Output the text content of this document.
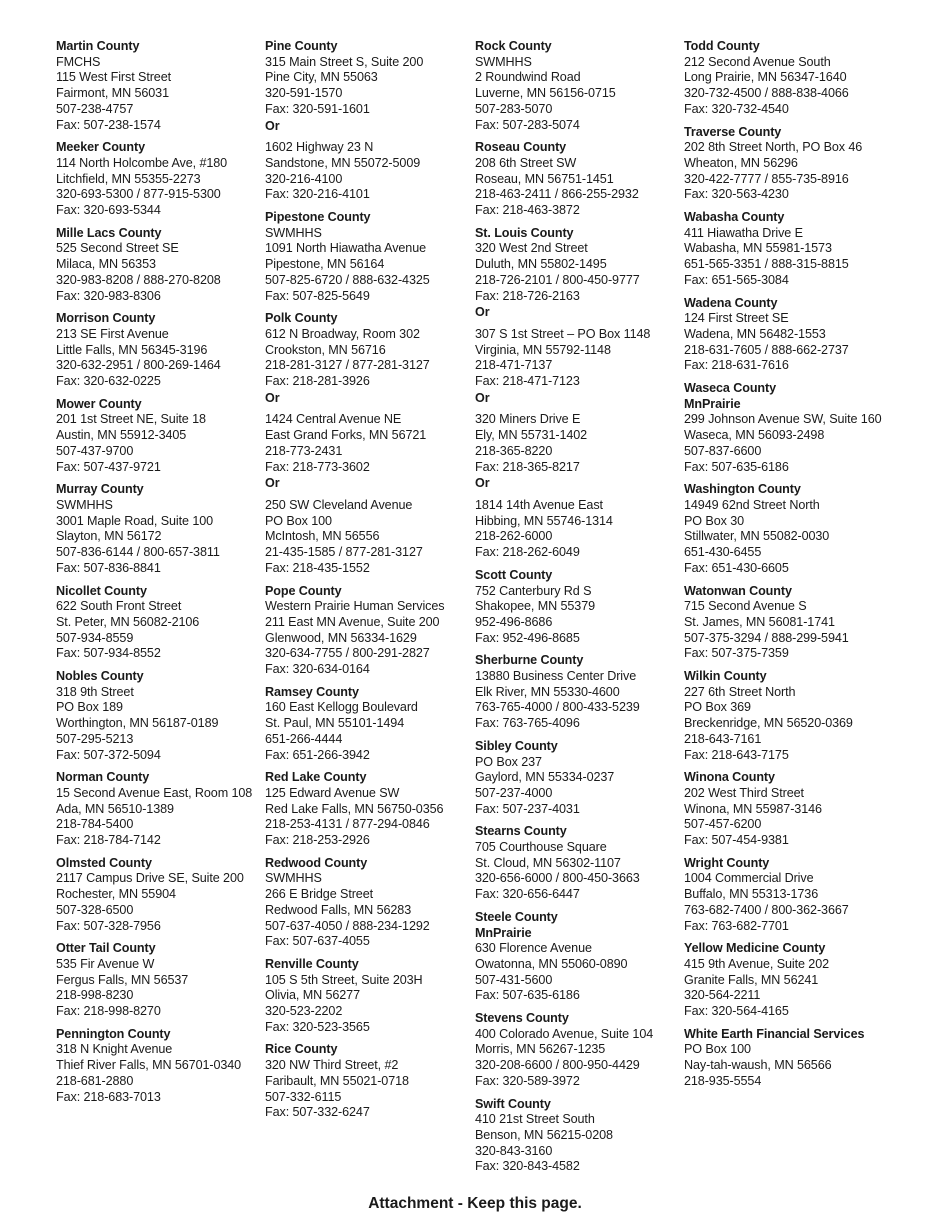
Martin County
FMCHS
115 West First Street
Fairmont, MN 56031
507-238-4757
Fax: 507-238-1574
Meeker County
114 North Holcombe Ave, #180
Litchfield, MN 55355-2273
320-693-5300 / 877-915-5300
Fax: 320-693-5344
Mille Lacs County
525 Second Street SE
Milaca, MN 56353
320-983-8208 / 888-270-8208
Fax: 320-983-8306
Morrison County
213 SE First Avenue
Little Falls, MN 56345-3196
320-632-2951 / 800-269-1464
Fax: 320-632-0225
Mower County
201 1st Street NE, Suite 18
Austin, MN 55912-3405
507-437-9700
Fax: 507-437-9721
Murray County
SWMHHS
3001 Maple Road, Suite 100
Slayton, MN 56172
507-836-6144 / 800-657-3811
Fax: 507-836-8841
Nicollet County
622 South Front Street
St. Peter, MN 56082-2106
507-934-8559
Fax: 507-934-8552
Nobles County
318 9th Street
PO Box 189
Worthington, MN 56187-0189
507-295-5213
Fax: 507-372-5094
Norman County
15 Second Avenue East, Room 108
Ada, MN 56510-1389
218-784-5400
Fax: 218-784-7142
Olmsted County
2117 Campus Drive SE, Suite 200
Rochester, MN 55904
507-328-6500
Fax: 507-328-7956
Otter Tail County
535 Fir Avenue W
Fergus Falls, MN 56537
218-998-8230
Fax: 218-998-8270
Pennington County
318 N Knight Avenue
Thief River Falls, MN 56701-0340
218-681-2880
Fax: 218-683-7013
Pine County
315 Main Street S, Suite 200
Pine City, MN 55063
320-591-1570
Fax: 320-591-1601
Or
1602 Highway 23 N
Sandstone, MN 55072-5009
320-216-4100
Fax: 320-216-4101
Pipestone County
SWMHHS
1091 North Hiawatha Avenue
Pipestone, MN 56164
507-825-6720 / 888-632-4325
Fax: 507-825-5649
Polk County
612 N Broadway, Room 302
Crookston, MN 56716
218-281-3127 / 877-281-3127
Fax: 218-281-3926
Or
1424 Central Avenue NE
East Grand Forks, MN 56721
218-773-2431
Fax: 218-773-3602
Or
250 SW Cleveland Avenue
PO Box 100
McIntosh, MN 56556
21-435-1585 / 877-281-3127
Fax: 218-435-1552
Pope County
Western Prairie Human Services
211 East MN Avenue, Suite 200
Glenwood, MN 56334-1629
320-634-7755 / 800-291-2827
Fax: 320-634-0164
Ramsey County
160 East Kellogg Boulevard
St. Paul, MN 55101-1494
651-266-4444
Fax: 651-266-3942
Red Lake County
125 Edward Avenue SW
Red Lake Falls, MN 56750-0356
218-253-4131 / 877-294-0846
Fax: 218-253-2926
Redwood County
SWMHHS
266 E Bridge Street
Redwood Falls, MN 56283
507-637-4050 / 888-234-1292
Fax: 507-637-4055
Renville County
105 S 5th Street, Suite 203H
Olivia, MN 56277
320-523-2202
Fax: 320-523-3565
Rice County
320 NW Third Street, #2
Faribault, MN 55021-0718
507-332-6115
Fax: 507-332-6247
Rock County
SWMHHS
2 Roundwind Road
Luverne, MN 56156-0715
507-283-5070
Fax: 507-283-5074
Roseau County
208 6th Street SW
Roseau, MN 56751-1451
218-463-2411 / 866-255-2932
Fax: 218-463-3872
St. Louis County
320 West 2nd Street
Duluth, MN 55802-1495
218-726-2101 / 800-450-9777
Fax: 218-726-2163
Or
307 S 1st Street – PO Box 1148
Virginia, MN 55792-1148
218-471-7137
Fax: 218-471-7123
Or
320 Miners Drive E
Ely, MN 55731-1402
218-365-8220
Fax: 218-365-8217
Or
1814 14th Avenue East
Hibbing, MN 55746-1314
218-262-6000
Fax: 218-262-6049
Scott County
752 Canterbury Rd S
Shakopee, MN 55379
952-496-8686
Fax: 952-496-8685
Sherburne County
13880 Business Center Drive
Elk River, MN 55330-4600
763-765-4000 / 800-433-5239
Fax: 763-765-4096
Sibley County
PO Box 237
Gaylord, MN 55334-0237
507-237-4000
Fax: 507-237-4031
Stearns County
705 Courthouse Square
St. Cloud, MN 56302-1107
320-656-6000 / 800-450-3663
Fax: 320-656-6447
Steele County
MnPrairie
630 Florence Avenue
Owatonna, MN 55060-0890
507-431-5600
Fax: 507-635-6186
Stevens County
400 Colorado Avenue, Suite 104
Morris, MN 56267-1235
320-208-6600 / 800-950-4429
Fax: 320-589-3972
Swift County
410 21st Street South
Benson, MN 56215-0208
320-843-3160
Fax: 320-843-4582
Todd County
212 Second Avenue South
Long Prairie, MN 56347-1640
320-732-4500 / 888-838-4066
Fax: 320-732-4540
Traverse County
202 8th Street North, PO Box 46
Wheaton, MN 56296
320-422-7777 / 855-735-8916
Fax: 320-563-4230
Wabasha County
411 Hiawatha Drive E
Wabasha, MN 55981-1573
651-565-3351 / 888-315-8815
Fax: 651-565-3084
Wadena County
124 First Street SE
Wadena, MN 56482-1553
218-631-7605 / 888-662-2737
Fax: 218-631-7616
Waseca County
MnPrairie
299 Johnson Avenue SW, Suite 160
Waseca, MN 56093-2498
507-837-6600
Fax: 507-635-6186
Washington County
14949 62nd Street North
PO Box 30
Stillwater, MN 55082-0030
651-430-6455
Fax: 651-430-6605
Watonwan County
715 Second Avenue S
St. James, MN 56081-1741
507-375-3294 / 888-299-5941
Fax: 507-375-7359
Wilkin County
227 6th Street North
PO Box 369
Breckenridge, MN 56520-0369
218-643-7161
Fax: 218-643-7175
Winona County
202 West Third Street
Winona, MN 55987-3146
507-457-6200
Fax: 507-454-9381
Wright County
1004 Commercial Drive
Buffalo, MN 55313-1736
763-682-7400 / 800-362-3667
Fax: 763-682-7701
Yellow Medicine County
415 9th Avenue, Suite 202
Granite Falls, MN 56241
320-564-2211
Fax: 320-564-4165
White Earth Financial Services
PO Box 100
Nay-tah-waush, MN 56566
218-935-5554
Attachment - Keep this page.
